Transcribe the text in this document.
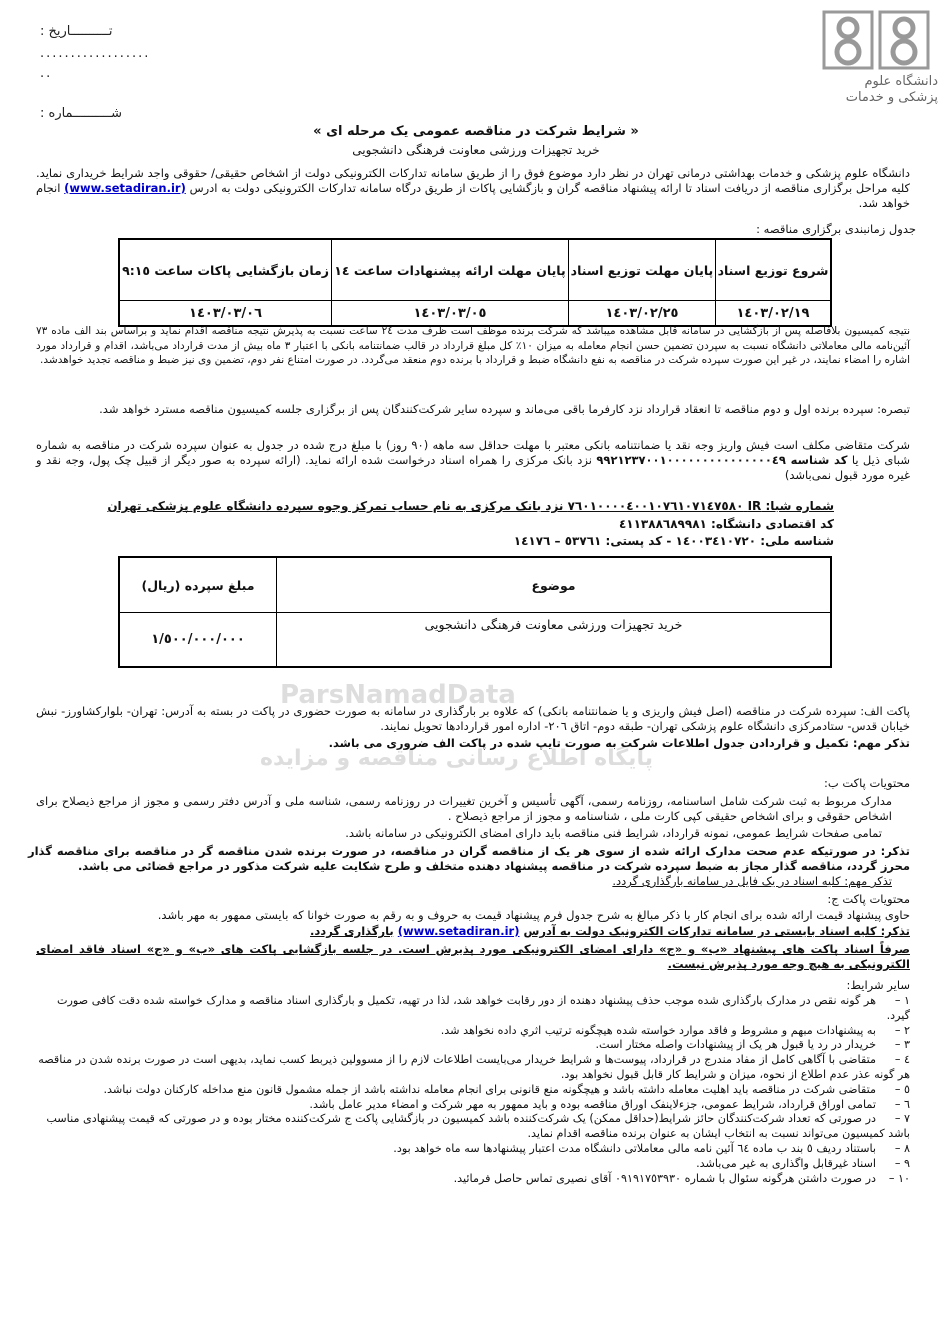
دانشگاه علوم
پزشکی و خدمات
تــــــــــاریخ :
..................
..
شــــــــــماره :
« شرایط شرکت در مناقصه عمومی یک مرحله ای »
خرید تجهیزات ورزشی معاونت فرهنگی دانشجویی

دانشگاه علوم پزشکی و خدمات بهداشتی درمانی تهران در نظر دارد موضوع فوق را از طریق سامانه تدارکات الکترونیکی دولت از اشخاص حقیقی/ حقوقی واجد شرایط خریداری نماید. کلیه مراحل برگزاری مناقصه از دریافت اسناد تا ارائه پیشنهاد مناقصه گران و بازگشایی پاکات از طریق درگاه سامانه تدارکات الکترونیکی دولت به ادرس (www.setadiran.ir) انجام خواهد شد.

جدول زمانبندی برگزاری مناقصه :
شروع توزیع اسناد	پایان مهلت توزیع اسناد	پایان مهلت ارائه پیشنهادات ساعت ١٤	زمان بازگشایی پاکات ساعت ٩:١٥
١٤٠٣/٠٢/١٩	١٤٠٣/٠٢/٢٥	١٤٠٣/٠٣/٠٥	١٤٠٣/٠٣/٠٦

نتیجه کمیسیون بلافاصله پس از بازگشایی در سامانه قابل مشاهده میباشد که شرکت برنده موظف است ظرف مدت ٢٤ ساعت نسبت به پذیرش نتیجه مناقصه اقدام نماید و براساس بند الف ماده ٧٣ آئین‌نامه مالی معاملاتی دانشگاه نسبت به سپردن تضمین حسن انجام معامله به میزان ١٠٪ کل مبلغ قرارداد در قالب ضمانتنامه بانکی با اعتبار ٣ ماه بیش از مدت قرارداد می‌باشد، اقدام و قرارداد مورد اشاره را امضاء نمایند، در غیر این صورت سپرده شرکت در مناقصه به نفع دانشگاه ضبط و قرارداد با برنده دوم منعقد می‌گردد. در صورت امتناع نفر دوم، تضمین وی نیز ضبط و مناقصه تجدید خواهدشد.

تبصره: سپرده برنده اول و دوم مناقصه تا انعقاد قرارداد نزد کارفرما باقی می‌ماند و سپرده سایر شرکت‌کنندگان پس از برگزاری جلسه کمیسیون مناقصه مسترد خواهد شد.

شرکت متقاضی مکلف است فیش واریز وجه نقد یا ضمانتنامه بانکی معتبر با مهلت حداقل سه ماهه (٩٠ روز) با مبلغ درج شده در جدول به عنوان سپرده شرکت در مناقصه به شماره شبای ذیل یا کد شناسه ٩٩٢١٢٣٧٠٠١٠٠٠٠٠٠٠٠٠٠٠٠٠٠٠٤٩ نزد بانک مرکزی را همراه اسناد درخواست شده ارائه نماید. (ارائه سپرده به صور دیگر از قبیل چک پول، وجه نقد و غیره مورد قبول نمی‌باشد)

شماره شبا: IR ٧٦٠١٠٠٠٠٤٠٠١٠٧٦١٠٧١٤٧٥٨٠ نزد بانک مرکزی به نام حساب تمرکز وجوه سپرده دانشگاه علوم پزشکی تهران
کد اقتصادی دانشگاه: ٤١١٣٨٨٦٨٩٩٨١
شناسه ملی: ١٤٠٠٣٤١٠٧٢٠ - کد پستی: ٥٣٧٦١ – ١٤١٧٦
موضوع	مبلغ سپرده (ریال)
خرید تجهیزات ورزشی معاونت فرهنگی دانشجویی	١/٥٠٠/٠٠٠/٠٠٠
ParsNamadData
پایگاه اطلاع رسانی مناقصه و مزایده

پاکت الف: سپرده شرکت در مناقصه (اصل فیش واریزی و یا ضمانتنامه بانکی) که علاوه بر بارگذاری در سامانه به صورت حضوری در پاکت در بسته به آدرس: تهران- بلوارکشاورز- نبش خیابان قدس- ستادمرکزی دانشگاه علوم پزشکی تهران- طبقه دوم- اتاق ٢٠٦- اداره امور قراردادها تحویل نمایند.

تذکر مهم: تکمیل و قراردادن جدول اطلاعات شرکت به صورت تایپ شده در پاکت الف ضروری می باشد.

محتویات پاکت ب:

مدارک مربوط به ثبت شرکت شامل اساسنامه، روزنامه رسمی، آگهی تأسیس و آخرین تغییرات در روزنامه رسمی، شناسه ملی و آدرس دفتر رسمی و مجوز از مراجع ذیصلاح برای اشخاص حقوقی و برای اشخاص حقیقی کپی کارت ملی ، شناسنامه و مجوز از مراجع ذیصلاح .

تمامی صفحات شرایط عمومی، نمونه قرارداد، شرایط فنی مناقصه باید دارای امضای الکترونیکی در سامانه باشد.

تذکر: در صورتیکه عدم صحت مدارک ارائه شده از سوی هر یک از مناقصه گران در مناقصه، در صورت برنده شدن مناقصه گر در مناقصه برای مناقصه گذار محرز گردد، مناقصه گذار مجاز به ضبط سپرده شرکت در مناقصه پیشنهاد دهنده متخلف و طرح شکایت علیه شرکت مذکور در مراجع قضائی می باشد.

تذکر مهم: کلیه اسناد در یک فایل در سامانه بارگذاری گردد.

محتویات پاکت ج:

حاوی پیشنهاد قیمت ارائه شده برای انجام کار با ذکر مبالغ به شرح جدول فرم پیشنهاد قیمت به حروف و به رقم به صورت خوانا که بایستی ممهور به مهر باشد.

تذکر: کلیه اسناد بایستی در سامانه تدارکات الکترونیک دولت به آدرس (www.setadiran.ir) بارگذاری گردد.

صرفاً اسناد پاکت های پیشنهاد «ب» و «ج» دارای امضای الکترونیکی مورد پذیرش است. در جلسه بازگشایی پاکت های «ب» و «ج» اسناد فاقد امضای الکترونیکی به هیچ وجه مورد پذیرش نیست.

سایر شرایط:

١ –هر گونه نقص در مدارک بارگذاری شده موجب حذف پیشنهاد دهنده از دور رقابت خواهد شد، لذا در تهیه، تکمیل و بارگذاری اسناد مناقصه و مدارک خواسته شده دقت کافی صورت گیرد.
٢ –به پیشنهادات مبهم و مشروط و فاقد موارد خواسته شده هیچگونه ترتیب اثري داده نخواهد شد.
٣ –خریدار در رد یا قبول هر یک از پیشنهادات واصله مختار است.
٤ –متقاضی با آگاهی کامل از مفاد مندرج در قرارداد، پیوست‌ها و شرایط خریدار می‌بایست اطلاعات لازم را از مسوولین ذیربط کسب نماید، بدیهی است در صورت برنده شدن در مناقصه هر گونه عذر عدم اطلاع از نحوه، میزان و شرایط کار قابل قبول نخواهد بود.
٥ –متقاضی شرکت در مناقصه باید اهلیت معامله داشته باشد و هیچگونه منع قانونی برای انجام معامله نداشته باشد از جمله مشمول قانون منع مداخله کارکنان دولت نباشد.
٦ –تمامی اوراق قرارداد، شرایط عمومی، جزءلاینفک اوراق مناقصه بوده و باید ممهور به مهر شرکت و امضاء مدیر عامل باشد.
٧ –در صورتی که تعداد شرکت‌کنندگان حائز شرایط(حداقل ممکن) یک شرکت‌کننده باشد کمیسیون در بازگشایی پاکت ج شرکت‌کننده مختار بوده و در صورتی که قیمت پیشنهادی مناسب باشد کمیسیون می‌تواند نسبت به انتخاب ایشان به عنوان برنده مناقصه اقدام نماید.
٨ –باستناد ردیف ٥ بند ب ماده ٦٤ آئین نامه مالی معاملاتی دانشگاه مدت اعتبار پیشنهادها سه ماه خواهد بود.
٩ –اسناد غیرقابل واگذاری به غیر می‌باشد.
١٠ –در صورت داشتن هرگونه سئوال با شماره ٠٩١٩١٧٥٣٩٣٠ آقای نصیری تماس حاصل فرمائید.
